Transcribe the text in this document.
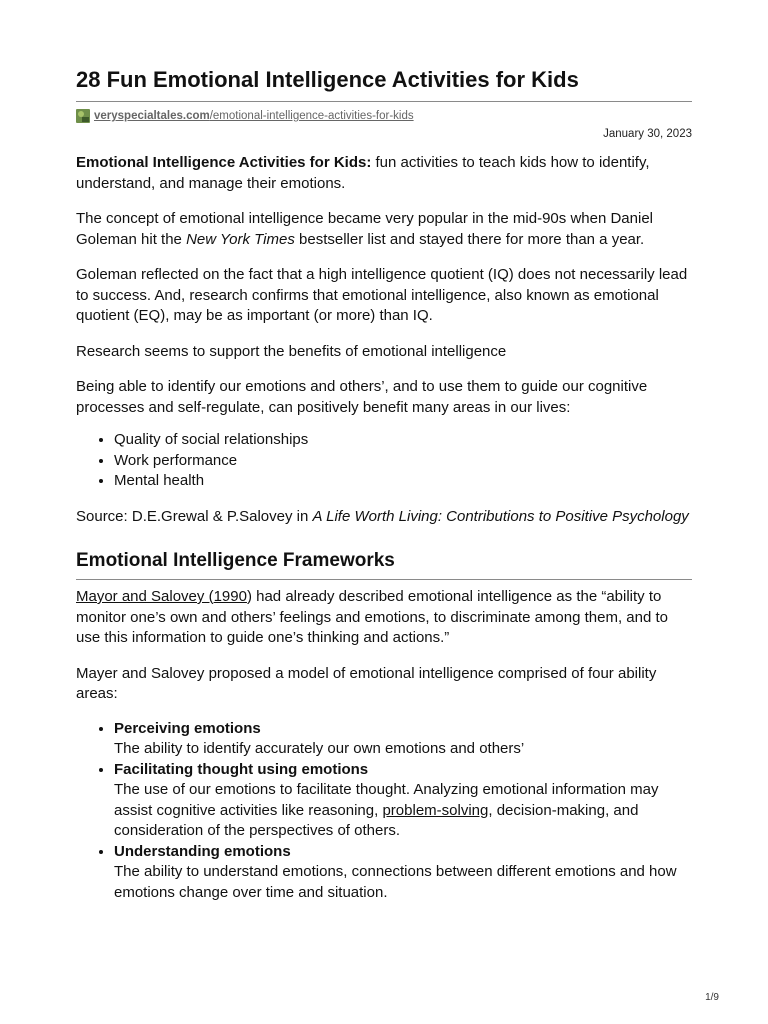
28 Fun Emotional Intelligence Activities for Kids
veryspecialtales.com/emotional-intelligence-activities-for-kids
January 30, 2023

Emotional Intelligence Activities for Kids: fun activities to teach kids how to identify, understand, and manage their emotions.

The concept of emotional intelligence became very popular in the mid-90s when Daniel Goleman hit the New York Times bestseller list and stayed there for more than a year.

Goleman reflected on the fact that a high intelligence quotient (IQ) does not necessarily lead to success. And, research confirms that emotional intelligence, also known as emotional quotient (EQ), may be as important (or more) than IQ.

Research seems to support the benefits of emotional intelligence

Being able to identify our emotions and others’, and to use them to guide our cognitive processes and self-regulate, can positively benefit many areas in our lives:

• Quality of social relationships
• Work performance
• Mental health

Source: D.E.Grewal & P.Salovey in A Life Worth Living: Contributions to Positive Psychology

Emotional Intelligence Frameworks

Mayor and Salovey (1990) had already described emotional intelligence as the “ability to monitor one’s own and others’ feelings and emotions, to discriminate among them, and to use this information to guide one’s thinking and actions.”

Mayer and Salovey proposed a model of emotional intelligence comprised of four ability areas:

• Perceiving emotions
The ability to identify accurately our own emotions and others’
• Facilitating thought using emotions
The use of our emotions to facilitate thought. Analyzing emotional information may assist cognitive activities like reasoning, problem-solving, decision-making, and consideration of the perspectives of others.
• Understanding emotions
The ability to understand emotions, connections between different emotions and how emotions change over time and situation.
1/9
